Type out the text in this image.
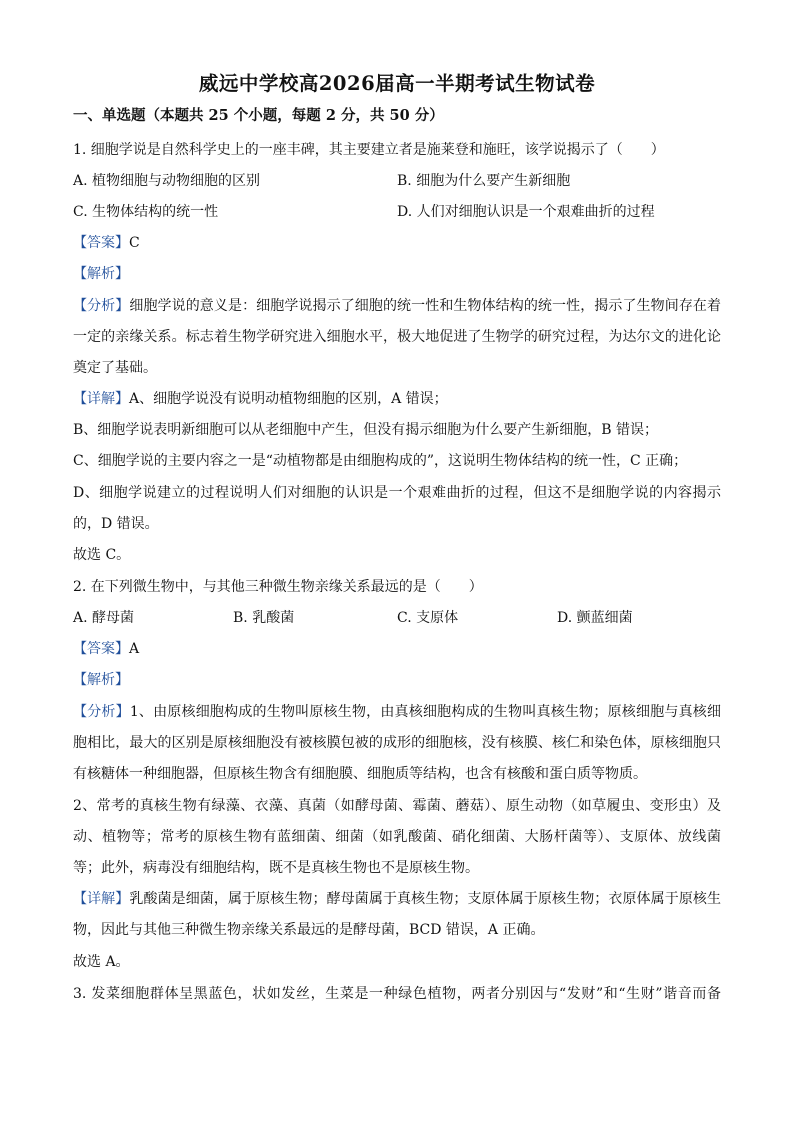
威远中学校高2026届高一半期考试生物试卷
一、单选题（本题共 25 个小题，每题 2 分，共 50 分）
1. 细胞学说是自然科学史上的一座丰碑，其主要建立者是施莱登和施旺，该学说揭示了（　　）
A. 植物细胞与动物细胞的区别	B. 细胞为什么要产生新细胞
C. 生物体结构的统一性	D. 人们对细胞认识是一个艰难曲折的过程
【答案】C
【解析】
【分析】细胞学说的意义是：细胞学说揭示了细胞的统一性和生物体结构的统一性，揭示了生物间存在着
一定的亲缘关系。标志着生物学研究进入细胞水平，极大地促进了生物学的研究过程，为达尔文的进化论
奠定了基础。
【详解】A、细胞学说没有说明动植物细胞的区别，A 错误；
B、细胞学说表明新细胞可以从老细胞中产生，但没有揭示细胞为什么要产生新细胞，B 错误；
C、细胞学说的主要内容之一是“动植物都是由细胞构成的”，这说明生物体结构的统一性，C 正确；
D、细胞学说建立的过程说明人们对细胞的认识是一个艰难曲折的过程，但这不是细胞学说的内容揭示
的，D 错误。
故选 C。
2. 在下列微生物中，与其他三种微生物亲缘关系最远的是（　　）
A. 酵母菌	B. 乳酸菌	C. 支原体	D. 颤蓝细菌
【答案】A
【解析】
【分析】1、由原核细胞构成的生物叫原核生物，由真核细胞构成的生物叫真核生物；原核细胞与真核细
胞相比，最大的区别是原核细胞没有被核膜包被的成形的细胞核，没有核膜、核仁和染色体，原核细胞只
有核糖体一种细胞器，但原核生物含有细胞膜、细胞质等结构，也含有核酸和蛋白质等物质。
2、常考的真核生物有绿藻、衣藻、真菌（如酵母菌、霉菌、蘑菇）、原生动物（如草履虫、变形虫）及
动、植物等；常考的原核生物有蓝细菌、细菌（如乳酸菌、硝化细菌、大肠杆菌等）、支原体、放线菌
等；此外，病毒没有细胞结构，既不是真核生物也不是原核生物。
【详解】乳酸菌是细菌，属于原核生物；酵母菌属于真核生物；支原体属于原核生物；衣原体属于原核生
物，因此与其他三种微生物亲缘关系最远的是酵母菌，BCD 错误，A 正确。
故选 A。
3. 发菜细胞群体呈黑蓝色，状如发丝，生菜是一种绿色植物，两者分别因与“发财”和“生财”谐音而备
